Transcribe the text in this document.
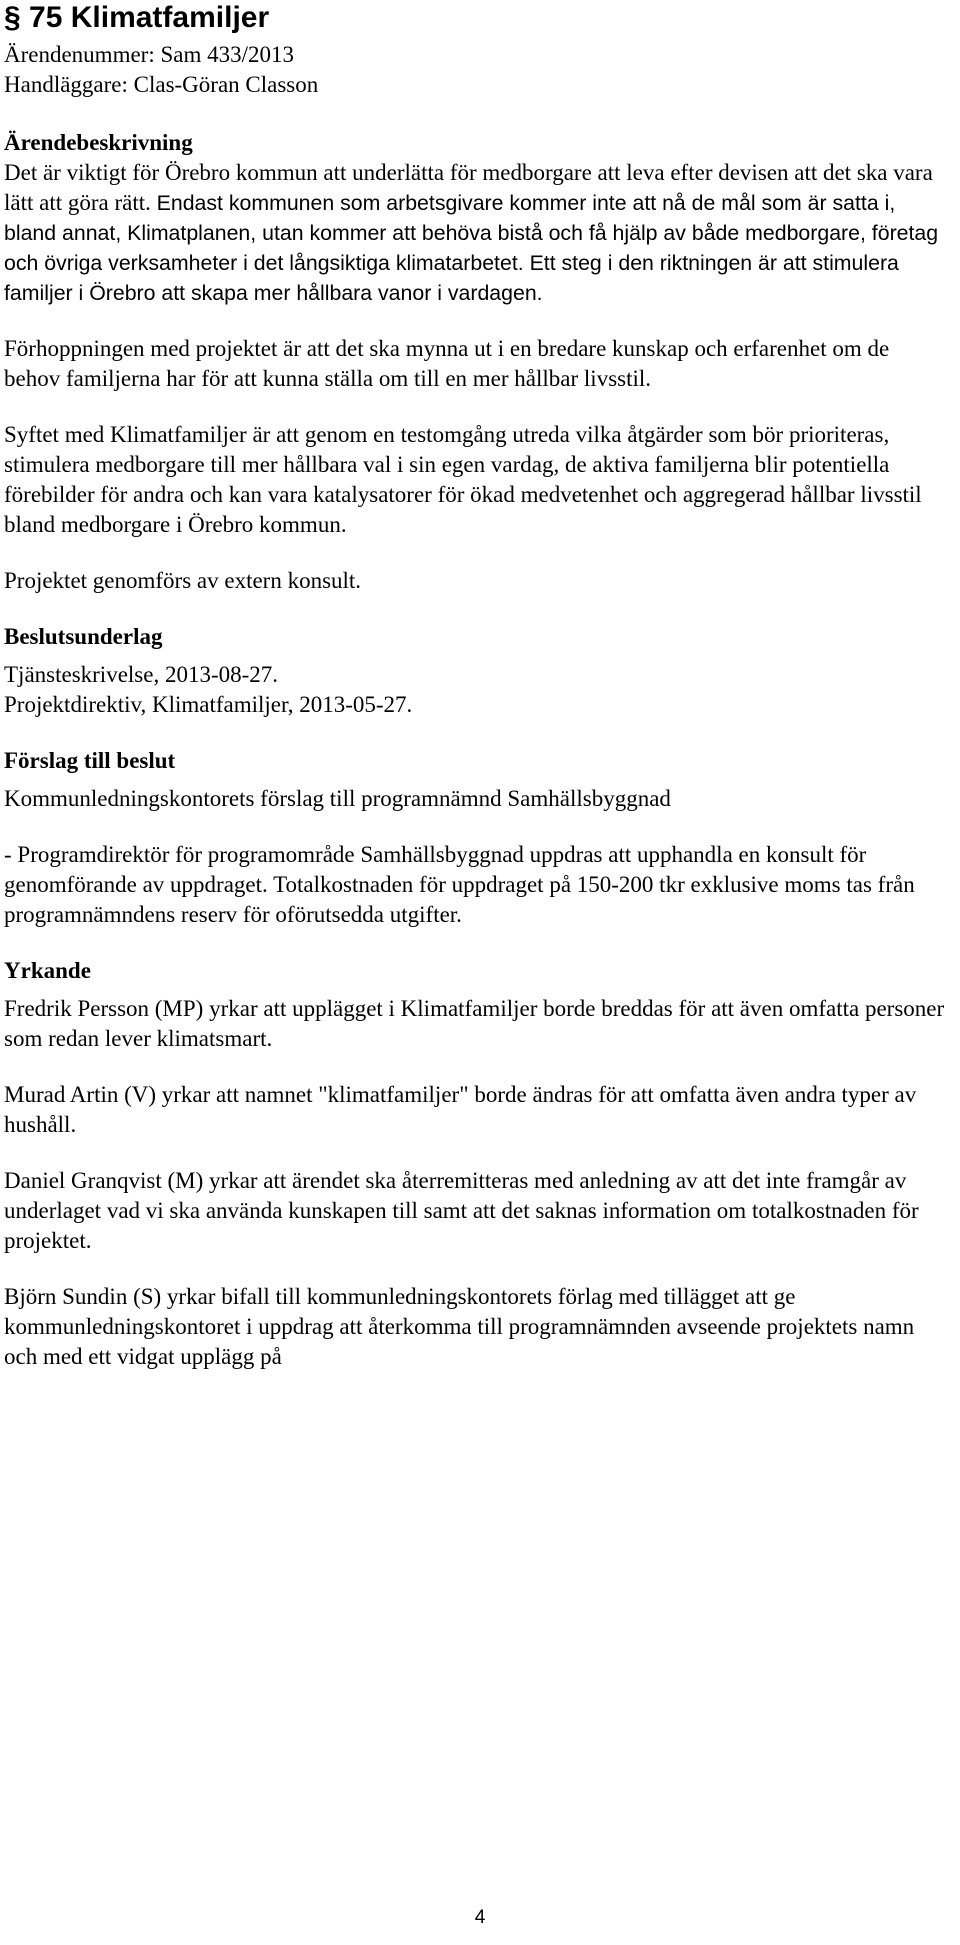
§ 75 Klimatfamiljer
Ärendenummer: Sam 433/2013
Handläggare: Clas-Göran Classon
Ärendebeskrivning

Det är viktigt för Örebro kommun att underlätta för medborgare att leva efter devisen att det ska vara lätt att göra rätt. Endast kommunen som arbetsgivare kommer inte att nå de mål som är satta i, bland annat, Klimatplanen, utan kommer att behöva bistå och få hjälp av både medborgare, företag och övriga verksamheter i det långsiktiga klimatarbetet. Ett steg i den riktningen är att stimulera familjer i Örebro att skapa mer hållbara vanor i vardagen.

Förhoppningen med projektet är att det ska mynna ut i en bredare kunskap och erfarenhet om de behov familjerna har för att kunna ställa om till en mer hållbar livsstil.

Syftet med Klimatfamiljer är att genom en testomgång utreda vilka åtgärder som bör prioriteras, stimulera medborgare till mer hållbara val i sin egen vardag, de aktiva familjerna blir potentiella förebilder för andra och kan vara katalysatorer för ökad medvetenhet och aggregerad hållbar livsstil bland medborgare i Örebro kommun.

Projektet genomförs av extern konsult.

Beslutsunderlag

Tjänsteskrivelse, 2013-08-27.

Projektdirektiv, Klimatfamiljer, 2013-05-27.

Förslag till beslut

Kommunledningskontorets förslag till programnämnd Samhällsbyggnad

- Programdirektör för programområde Samhällsbyggnad uppdras att upphandla en konsult för genomförande av uppdraget. Totalkostnaden för uppdraget på 150-200 tkr exklusive moms tas från programnämndens reserv för oförutsedda utgifter.

Yrkande

Fredrik Persson (MP) yrkar att upplägget i Klimatfamiljer borde breddas för att även omfatta personer som redan lever klimatsmart.

Murad Artin (V) yrkar att namnet "klimatfamiljer" borde ändras för att omfatta även andra typer av hushåll.

Daniel Granqvist (M) yrkar att ärendet ska återremitteras med anledning av att det inte framgår av underlaget vad vi ska använda kunskapen till samt att det saknas information om totalkostnaden för projektet.

Björn Sundin (S) yrkar bifall till kommunledningskontorets förlag med tillägget att ge kommunledningskontoret i uppdrag att återkomma till programnämnden avseende projektets namn och med ett vidgat upplägg på

4
